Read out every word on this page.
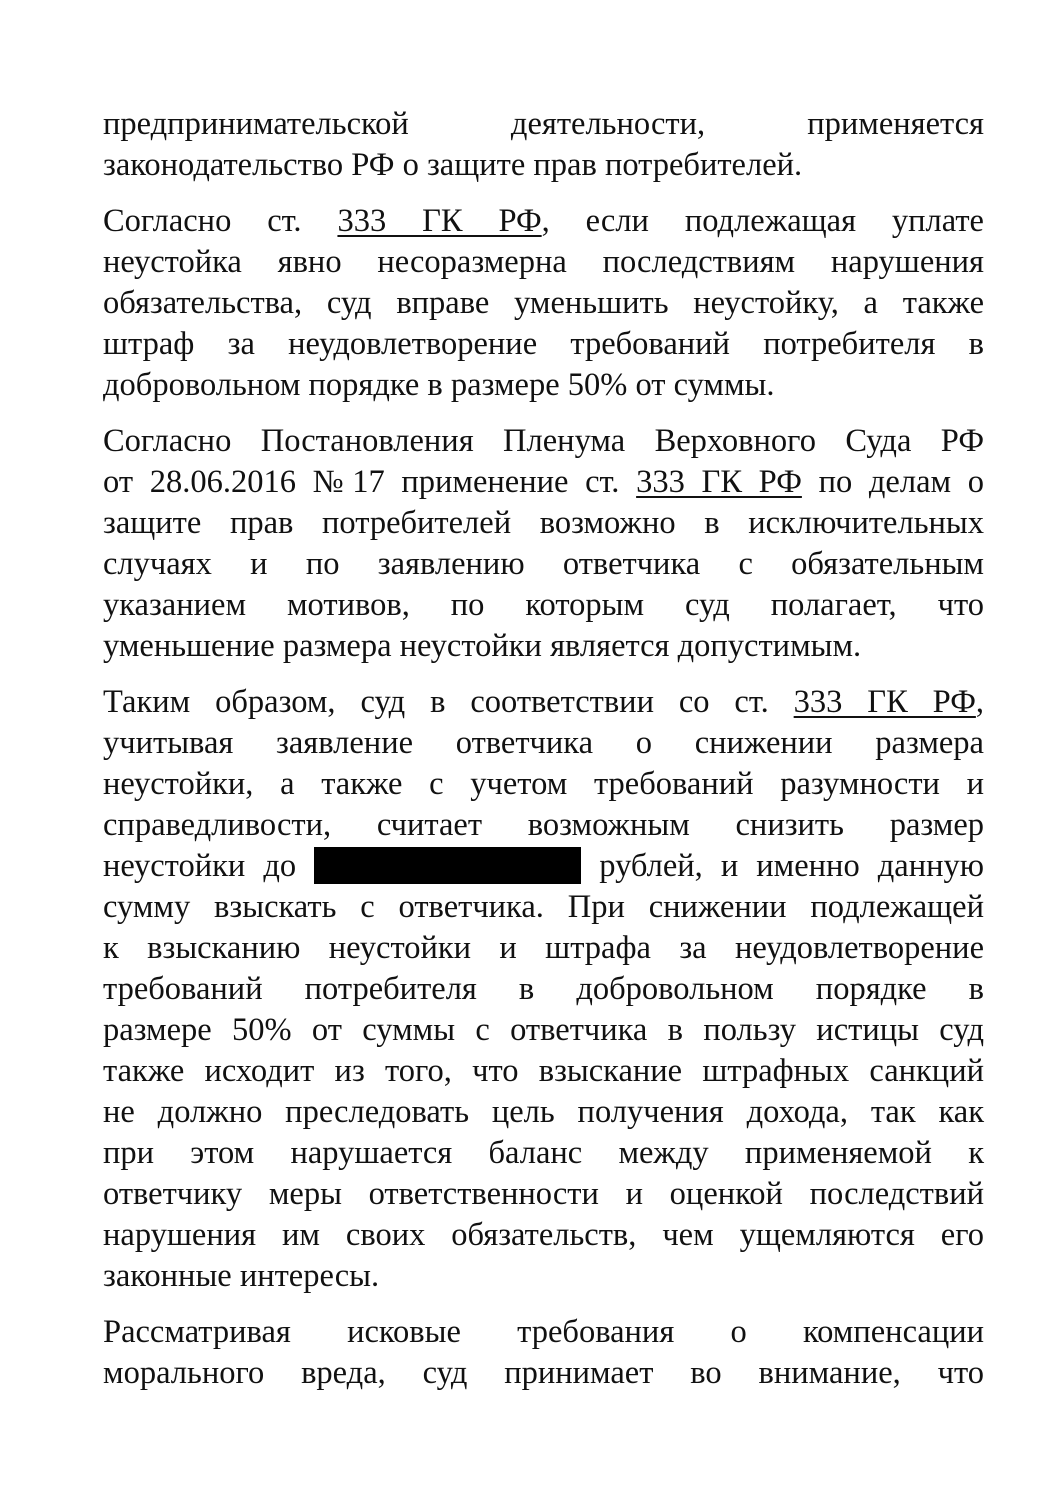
предпринимательской деятельности, применяется
законодательство РФ о защите прав потребителей.
Согласно ст. 333 ГК РФ, если подлежащая уплате
неустойка явно несоразмерна последствиям нарушения
обязательства, суд вправе уменьшить неустойку, а также
штраф за неудовлетворение требований потребителя в
добровольном порядке в размере 50% от суммы.
Согласно Постановления Пленума Верховного Суда РФ
от 28.06.2016 №17 применение ст. 333 ГК РФ по делам о
защите прав потребителей возможно в исключительных
случаях и по заявлению ответчика с обязательным
указанием мотивов, по которым суд полагает, что
уменьшение размера неустойки является допустимым.
Таким образом, суд в соответствии со ст. 333 ГК РФ,
учитывая заявление ответчика о снижении размера
неустойки, а также с учетом требований разумности и
справедливости, считает возможным снизить размер
неустойки до	рублей, и именно данную
сумму взыскать с ответчика. При снижении подлежащей
к взысканию неустойки и штрафа за неудовлетворение
требований потребителя в добровольном порядке в
размере 50% от суммы с ответчика в пользу истицы суд
также исходит из того, что взыскание штрафных санкций
не должно преследовать цель получения дохода, так как
при этом нарушается баланс между применяемой к
ответчику меры ответственности и оценкой последствий
нарушения им своих обязательств, чем ущемляются его
законные интересы.
Рассматривая исковые требования о компенсации
морального вреда, суд принимает во внимание, что
